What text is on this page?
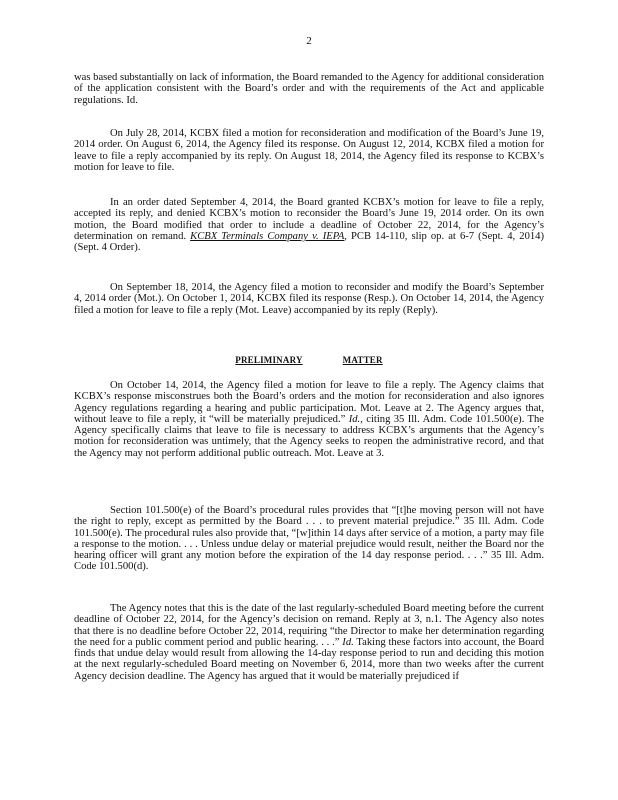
2

was based substantially on lack of information, the Board remanded to the Agency for additional consideration of the application consistent with the Board’s order and with the requirements of the Act and applicable regulations. Id.

On July 28, 2014, KCBX filed a motion for reconsideration and modification of the Board’s June 19, 2014 order. On August 6, 2014, the Agency filed its response. On August 12, 2014, KCBX filed a motion for leave to file a reply accompanied by its reply. On August 18, 2014, the Agency filed its response to KCBX’s motion for leave to file.

In an order dated September 4, 2014, the Board granted KCBX’s motion for leave to file a reply, accepted its reply, and denied KCBX’s motion to reconsider the Board’s June 19, 2014 order. On its own motion, the Board modified that order to include a deadline of October 22, 2014, for the Agency’s determination on remand. KCBX Terminals Company v. IEPA, PCB 14-110, slip op. at 6-7 (Sept. 4, 2014) (Sept. 4 Order).

On September 18, 2014, the Agency filed a motion to reconsider and modify the Board’s September 4, 2014 order (Mot.). On October 1, 2014, KCBX filed its response (Resp.). On October 14, 2014, the Agency filed a motion for leave to file a reply (Mot. Leave) accompanied by its reply (Reply).

PRELIMINARY	MATTER

On October 14, 2014, the Agency filed a motion for leave to file a reply. The Agency claims that KCBX’s response misconstrues both the Board’s orders and the motion for reconsideration and also ignores Agency regulations regarding a hearing and public participation. Mot. Leave at 2. The Agency argues that, without leave to file a reply, it “will be materially prejudiced.” Id., citing 35 Ill. Adm. Code 101.500(e). The Agency specifically claims that leave to file is necessary to address KCBX’s arguments that the Agency’s motion for reconsideration was untimely, that the Agency seeks to reopen the administrative record, and that the Agency may not perform additional public outreach. Mot. Leave at 3.

Section 101.500(e) of the Board’s procedural rules provides that “[t]he moving person will not have the right to reply, except as permitted by the Board . . . to prevent material prejudice.” 35 Ill. Adm. Code 101.500(e). The procedural rules also provide that, “[w]ithin 14 days after service of a motion, a party may file a response to the motion. . . . Unless undue delay or material prejudice would result, neither the Board nor the hearing officer will grant any motion before the expiration of the 14 day response period. . . .” 35 Ill. Adm. Code 101.500(d).

The Agency notes that this is the date of the last regularly-scheduled Board meeting before the current deadline of October 22, 2014, for the Agency’s decision on remand. Reply at 3, n.1. The Agency also notes that there is no deadline before October 22, 2014, requiring “the Director to make her determination regarding the need for a public comment period and public hearing. . . .” Id. Taking these factors into account, the Board finds that undue delay would result from allowing the 14-day response period to run and deciding this motion at the next regularly-scheduled Board meeting on November 6, 2014, more than two weeks after the current Agency decision deadline. The Agency has argued that it would be materially prejudiced if
